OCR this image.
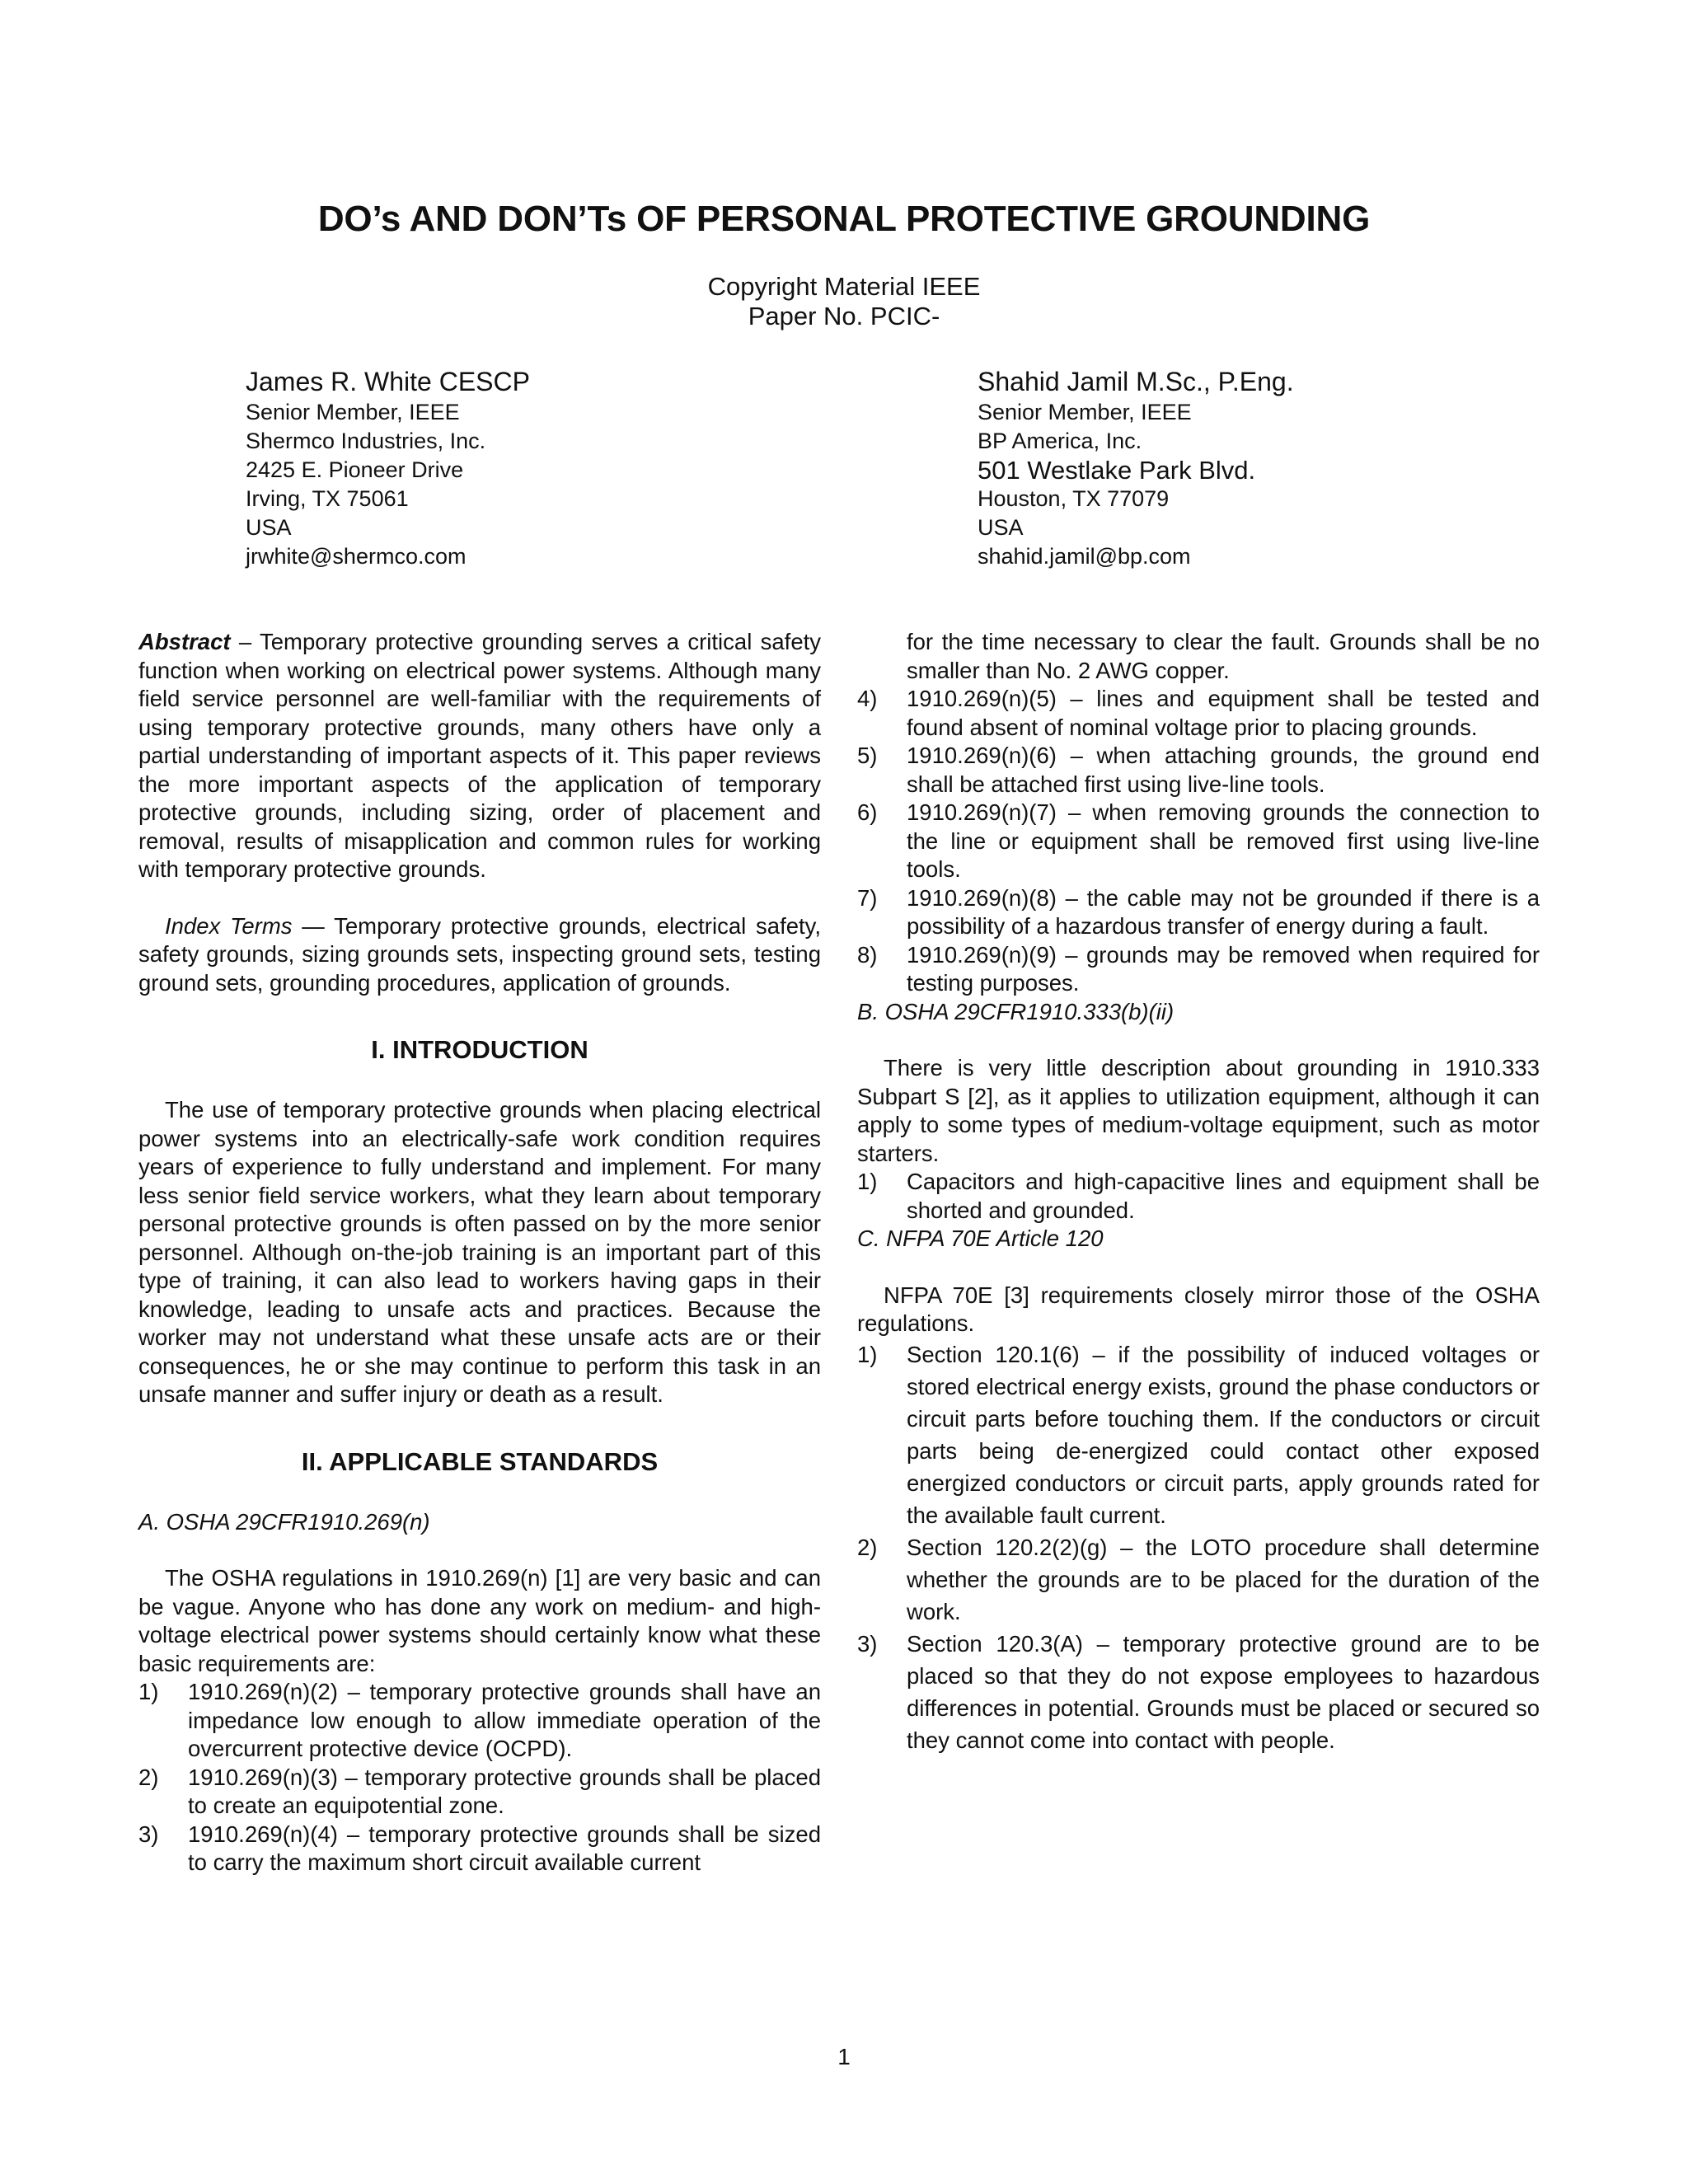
DO’s AND DON’Ts OF PERSONAL PROTECTIVE GROUNDING
Copyright Material IEEE
Paper No. PCIC-
James R. White CESCP
Senior Member, IEEE
Shermco Industries, Inc.
2425 E. Pioneer Drive
Irving, TX 75061
USA
jrwhite@shermco.com
Shahid Jamil M.Sc., P.Eng.
Senior Member, IEEE
BP America, Inc.
501 Westlake Park Blvd.
Houston, TX 77079
USA
shahid.jamil@bp.com

Abstract – Temporary protective grounding serves a critical safety function when working on electrical power systems. Although many field service personnel are well-familiar with the requirements of using temporary protective grounds, many others have only a partial understanding of important aspects of it. This paper reviews the more important aspects of the application of temporary protective grounds, including sizing, order of placement and removal, results of misapplication and common rules for working with temporary protective grounds.

Index Terms — Temporary protective grounds, electrical safety, safety grounds, sizing grounds sets, inspecting ground sets, testing ground sets, grounding procedures, application of grounds.

I. INTRODUCTION

The use of temporary protective grounds when placing electrical power systems into an electrically-safe work condition requires years of experience to fully understand and implement. For many less senior field service workers, what they learn about temporary personal protective grounds is often passed on by the more senior personnel. Although on-the-job training is an important part of this type of training, it can also lead to workers having gaps in their knowledge, leading to unsafe acts and practices. Because the worker may not understand what these unsafe acts are or their consequences, he or she may continue to perform this task in an unsafe manner and suffer injury or death as a result.

II. APPLICABLE STANDARDS
A. OSHA 29CFR1910.269(n)

The OSHA regulations in 1910.269(n) [1] are very basic and can be vague. Anyone who has done any work on medium- and high-voltage electrical power systems should certainly know what these basic requirements are:

1) 1910.269(n)(2) – temporary protective grounds shall have an impedance low enough to allow immediate operation of the overcurrent protective device (OCPD).
2) 1910.269(n)(3) – temporary protective grounds shall be placed to create an equipotential zone.
3) 1910.269(n)(4) – temporary protective grounds shall be sized to carry the maximum short circuit available current

for the time necessary to clear the fault. Grounds shall be no smaller than No. 2 AWG copper.

4) 1910.269(n)(5) – lines and equipment shall be tested and found absent of nominal voltage prior to placing grounds.
5) 1910.269(n)(6) – when attaching grounds, the ground end shall be attached first using live-line tools.
6) 1910.269(n)(7) – when removing grounds the connection to the line or equipment shall be removed first using live-line tools.
7) 1910.269(n)(8) – the cable may not be grounded if there is a possibility of a hazardous transfer of energy during a fault.
8) 1910.269(n)(9) – grounds may be removed when required for testing purposes.
B. OSHA 29CFR1910.333(b)(ii)

There is very little description about grounding in 1910.333 Subpart S [2], as it applies to utilization equipment, although it can apply to some types of medium-voltage equipment, such as motor starters.

1) Capacitors and high-capacitive lines and equipment shall be shorted and grounded.
C. NFPA 70E Article 120

NFPA 70E [3] requirements closely mirror those of the OSHA regulations.

1) Section 120.1(6) – if the possibility of induced voltages or stored electrical energy exists, ground the phase conductors or circuit parts before touching them. If the conductors or circuit parts being de-energized could contact other exposed energized conductors or circuit parts, apply grounds rated for the available fault current.
2) Section 120.2(2)(g) – the LOTO procedure shall determine whether the grounds are to be placed for the duration of the work.
3) Section 120.3(A) – temporary protective ground are to be placed so that they do not expose employees to hazardous differences in potential. Grounds must be placed or secured so they cannot come into contact with people.
1
